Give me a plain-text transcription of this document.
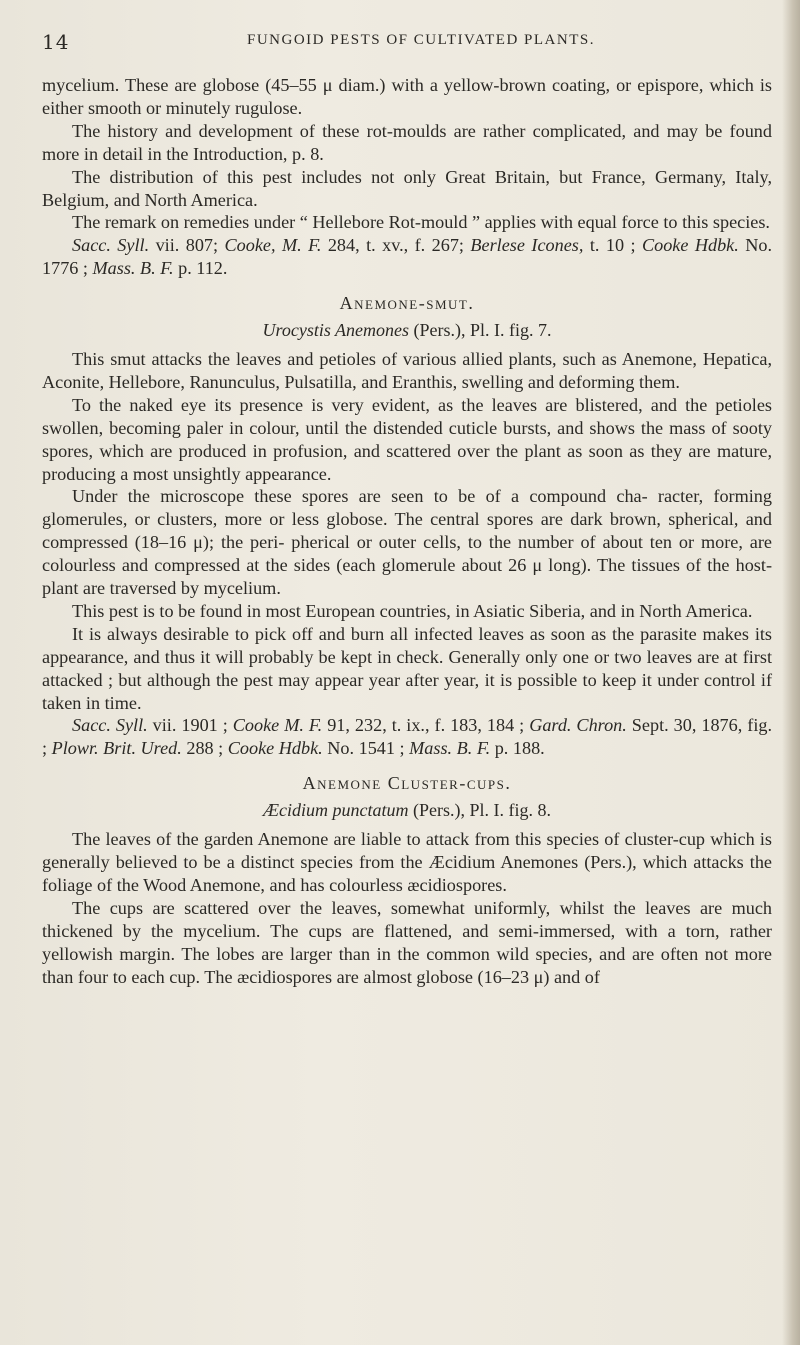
14	FUNGOID PESTS OF CULTIVATED PLANTS.

mycelium. These are globose (45–55 μ diam.) with a yellow-brown coating, or epispore, which is either smooth or minutely rugulose.

The history and development of these rot-moulds are rather complicated, and may be found more in detail in the Introduction, p. 8.

The distribution of this pest includes not only Great Britain, but France, Germany, Italy, Belgium, and North America.

The remark on remedies under “ Hellebore Rot-mould ” applies with equal force to this species.

Sacc. Syll. vii. 807; Cooke, M. F. 284, t. xv., f. 267; Berlese Icones, t. 10 ; Cooke Hdbk. No. 1776 ; Mass. B. F. p. 112.

Anemone-smut.
Urocystis Anemones (Pers.), Pl. I. fig. 7.

This smut attacks the leaves and petioles of various allied plants, such as Anemone, Hepatica, Aconite, Hellebore, Ranunculus, Pulsatilla, and Eranthis, swelling and deforming them.

To the naked eye its presence is very evident, as the leaves are blistered, and the petioles swollen, becoming paler in colour, until the distended cuticle bursts, and shows the mass of sooty spores, which are produced in profusion, and scattered over the plant as soon as they are mature, producing a most unsightly appearance.

Under the microscope these spores are seen to be of a compound cha- racter, forming glomerules, or clusters, more or less globose. The central spores are dark brown, spherical, and compressed (18–16 μ); the peri- pherical or outer cells, to the number of about ten or more, are colourless and compressed at the sides (each glomerule about 26 μ long). The tissues of the host-plant are traversed by mycelium.

This pest is to be found in most European countries, in Asiatic Siberia, and in North America.

It is always desirable to pick off and burn all infected leaves as soon as the parasite makes its appearance, and thus it will probably be kept in check. Generally only one or two leaves are at first attacked ; but although the pest may appear year after year, it is possible to keep it under control if taken in time.

Sacc. Syll. vii. 1901 ; Cooke M. F. 91, 232, t. ix., f. 183, 184 ; Gard. Chron. Sept. 30, 1876, fig. ; Plowr. Brit. Ured. 288 ; Cooke Hdbk. No. 1541 ; Mass. B. F. p. 188.

Anemone Cluster-cups.
Æcidium punctatum (Pers.), Pl. I. fig. 8.

The leaves of the garden Anemone are liable to attack from this species of cluster-cup which is generally believed to be a distinct species from the Æcidium Anemones (Pers.), which attacks the foliage of the Wood Anemone, and has colourless æcidiospores.

The cups are scattered over the leaves, somewhat uniformly, whilst the leaves are much thickened by the mycelium. The cups are flattened, and semi-immersed, with a torn, rather yellowish margin. The lobes are larger than in the common wild species, and are often not more than four to each cup. The æcidiospores are almost globose (16–23 μ) and of
